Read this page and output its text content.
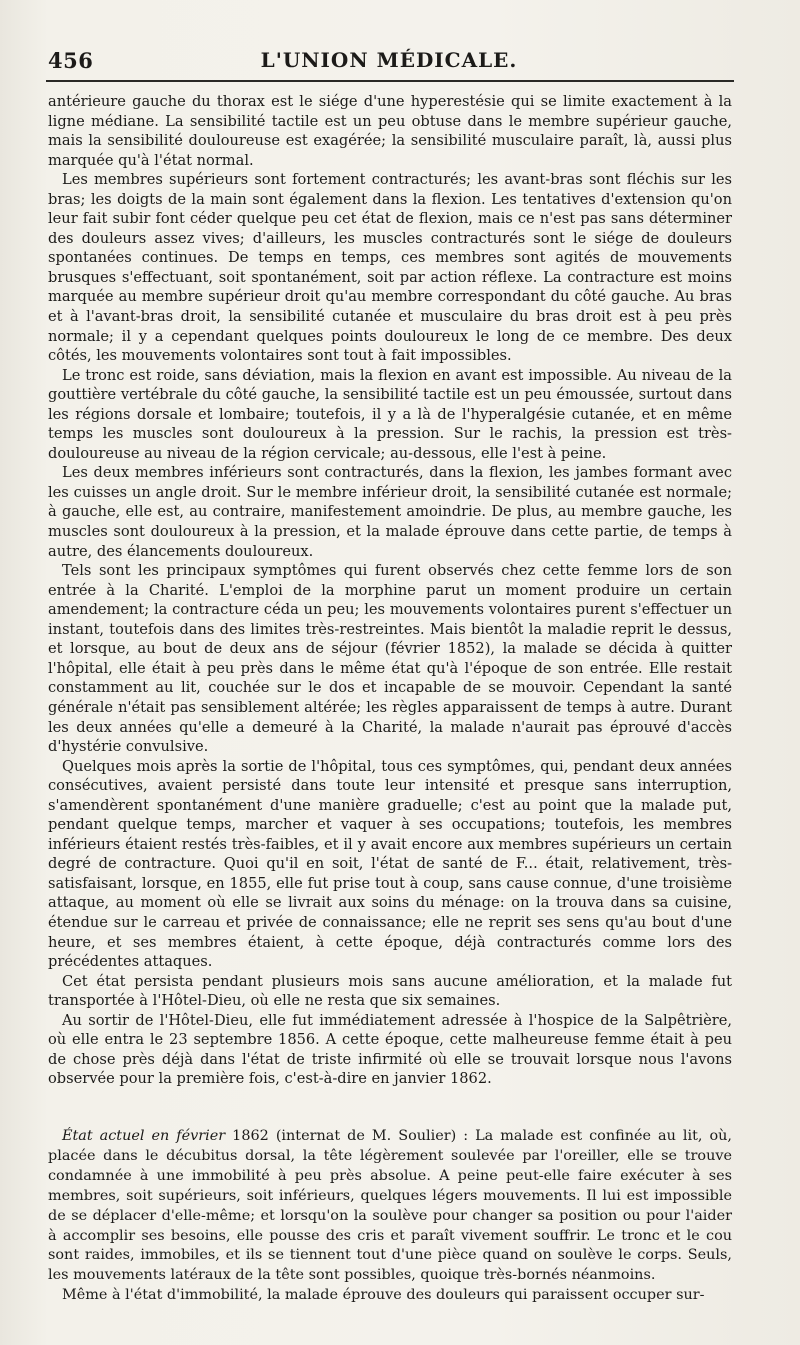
456	L'UNION MÉDICALE.

antérieure gauche du thorax est le siége d'une hyperestésie qui se limite exactement à la ligne médiane. La sensibilité tactile est un peu obtuse dans le membre supérieur gauche, mais la sensibilité douloureuse est exagérée; la sensibilité musculaire paraît, là, aussi plus marquée qu'à l'état normal.

Les membres supérieurs sont fortement contracturés; les avant-bras sont fléchis sur les bras; les doigts de la main sont également dans la flexion. Les tentatives d'extension qu'on leur fait subir font céder quelque peu cet état de flexion, mais ce n'est pas sans déterminer des douleurs assez vives; d'ailleurs, les muscles contracturés sont le siége de douleurs spontanées continues. De temps en temps, ces membres sont agités de mouvements brusques s'effectuant, soit spontanément, soit par action réflexe. La contracture est moins marquée au membre supérieur droit qu'au membre correspondant du côté gauche. Au bras et à l'avant-bras droit, la sensibilité cutanée et musculaire du bras droit est à peu près normale; il y a cependant quelques points douloureux le long de ce membre. Des deux côtés, les mouvements volontaires sont tout à fait impossibles.

Le tronc est roide, sans déviation, mais la flexion en avant est impossible. Au niveau de la gouttière vertébrale du côté gauche, la sensibilité tactile est un peu émoussée, surtout dans les régions dorsale et lombaire; toutefois, il y a là de l'hyperalgésie cutanée, et en même temps les muscles sont douloureux à la pression. Sur le rachis, la pression est très-douloureuse au niveau de la région cervicale; au-dessous, elle l'est à peine.

Les deux membres inférieurs sont contracturés, dans la flexion, les jambes formant avec les cuisses un angle droit. Sur le membre inférieur droit, la sensibilité cutanée est normale; à gauche, elle est, au contraire, manifestement amoindrie. De plus, au membre gauche, les muscles sont douloureux à la pression, et la malade éprouve dans cette partie, de temps à autre, des élancements douloureux.

Tels sont les principaux symptômes qui furent observés chez cette femme lors de son entrée à la Charité. L'emploi de la morphine parut un moment produire un certain amendement; la contracture céda un peu; les mouvements volontaires purent s'effectuer un instant, toutefois dans des limites très-restreintes. Mais bientôt la maladie reprit le dessus, et lorsque, au bout de deux ans de séjour (février 1852), la malade se décida à quitter l'hôpital, elle était à peu près dans le même état qu'à l'époque de son entrée. Elle restait constamment au lit, couchée sur le dos et incapable de se mouvoir. Cependant la santé générale n'était pas sensiblement altérée; les règles apparaissent de temps à autre. Durant les deux années qu'elle a demeuré à la Charité, la malade n'aurait pas éprouvé d'accès d'hystérie convulsive.

Quelques mois après la sortie de l'hôpital, tous ces symptômes, qui, pendant deux années consécutives, avaient persisté dans toute leur intensité et presque sans interruption, s'amendèrent spontanément d'une manière graduelle; c'est au point que la malade put, pendant quelque temps, marcher et vaquer à ses occupations; toutefois, les membres inférieurs étaient restés très-faibles, et il y avait encore aux membres supérieurs un certain degré de contracture. Quoi qu'il en soit, l'état de santé de F... était, relativement, très-satisfaisant, lorsque, en 1855, elle fut prise tout à coup, sans cause connue, d'une troisième attaque, au moment où elle se livrait aux soins du ménage: on la trouva dans sa cuisine, étendue sur le carreau et privée de connaissance; elle ne reprit ses sens qu'au bout d'une heure, et ses membres étaient, à cette époque, déjà contracturés comme lors des précédentes attaques.

Cet état persista pendant plusieurs mois sans aucune amélioration, et la malade fut transportée à l'Hôtel-Dieu, où elle ne resta que six semaines.

Au sortir de l'Hôtel-Dieu, elle fut immédiatement adressée à l'hospice de la Salpêtrière, où elle entra le 23 septembre 1856. A cette époque, cette malheureuse femme était à peu de chose près déjà dans l'état de triste infirmité où elle se trouvait lorsque nous l'avons observée pour la première fois, c'est-à-dire en janvier 1862.

État actuel en février 1862 (internat de M. Soulier) : La malade est confinée au lit, où, placée dans le décubitus dorsal, la tête légèrement soulevée par l'oreiller, elle se trouve condamnée à une immobilité à peu près absolue. A peine peut-elle faire exécuter à ses membres, soit supérieurs, soit inférieurs, quelques légers mouvements. Il lui est impossible de se déplacer d'elle-même; et lorsqu'on la soulève pour changer sa position ou pour l'aider à accomplir ses besoins, elle pousse des cris et paraît vivement souffrir. Le tronc et le cou sont raides, immobiles, et ils se tiennent tout d'une pièce quand on soulève le corps. Seuls, les mouvements latéraux de la tête sont possibles, quoique très-bornés néanmoins.

Même à l'état d'immobilité, la malade éprouve des douleurs qui paraissent occuper sur-
